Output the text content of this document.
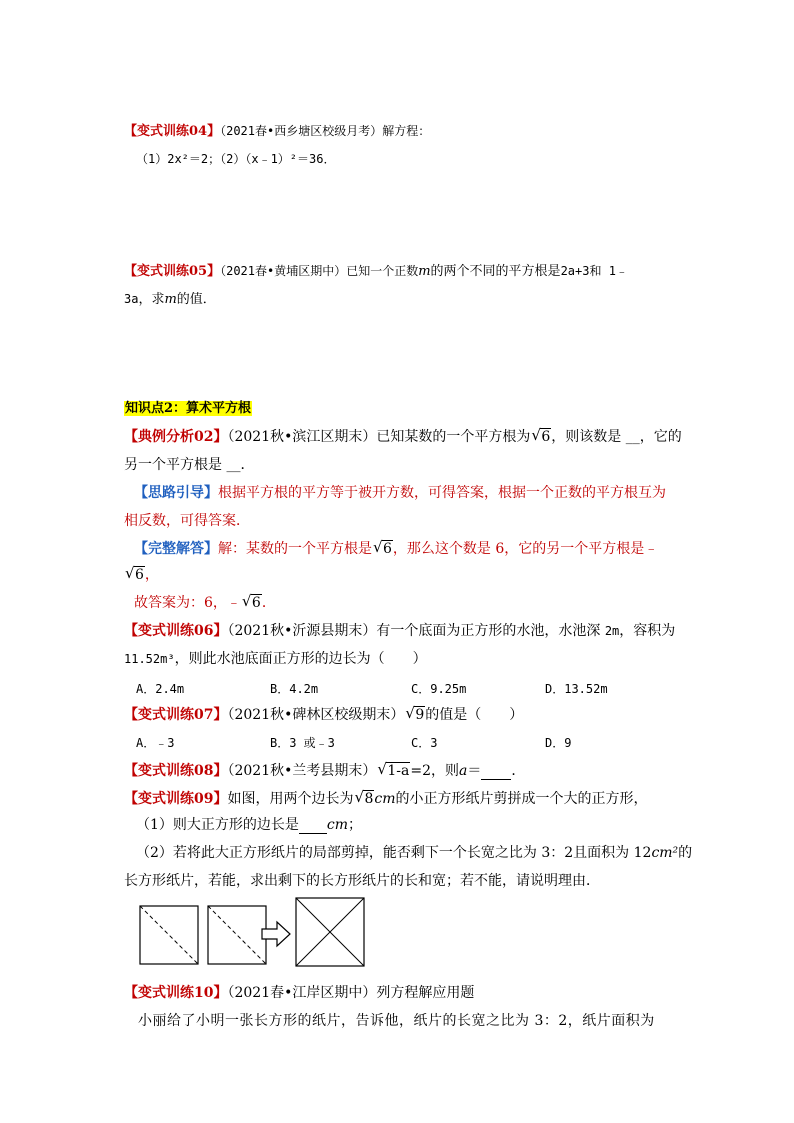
【变式训练04】（2021春•西乡塘区校级月考）解方程：
（1）2x²＝2；（2）（x﹣1）²＝36．
【变式训练05】（2021春•黄埔区期中）已知一个正数m的两个不同的平方根是2a+3和 1﹣
3a，求m的值．
知识点2：算术平方根
【典例分析02】（2021秋•滨江区期末）已知某数的一个平方根为 √ 6，则该数是 __，它的
另一个平方根是 __．
【思路引导】根据平方根的平方等于被开方数，可得答案，根据一个正数的平方根互为
相反数，可得答案．
【完整解答】解：某数的一个平方根是 √ 6，那么这个数是 6，它的另一个平方根是﹣
√ 6，
故答案为：6，﹣ √ 6．
【变式训练06】（2021秋•沂源县期末）有一个底面为正方形的水池，水池深 2m，容积为
11.52m³，则此水池底面正方形的边长为（　　）
A．2.4m	B．4.2m	C．9.25m	D．13.52m
【变式训练07】（2021秋•碑林区校级期末） √ 9的值是（　　）
A．﹣3	B．3 或﹣3	C．3	D．9
【变式训练08】（2021秋•兰考县期末） √ 1-a=2，则a＝ ．
【变式训练09】如图，用两个边长为 √ 8cm的小正方形纸片剪拼成一个大的正方形，
（1）则大正方形的边长是 cm；
（2）若将此大正方形纸片的局部剪掉，能否剩下一个长宽之比为 3：2且面积为 12cm²的
长方形纸片，若能，求出剩下的长方形纸片的长和宽；若不能，请说明理由．
【变式训练10】（2021春•江岸区期中）列方程解应用题
小丽给了小明一张长方形的纸片，告诉他，纸片的长宽之比为 3：2，纸片面积为
